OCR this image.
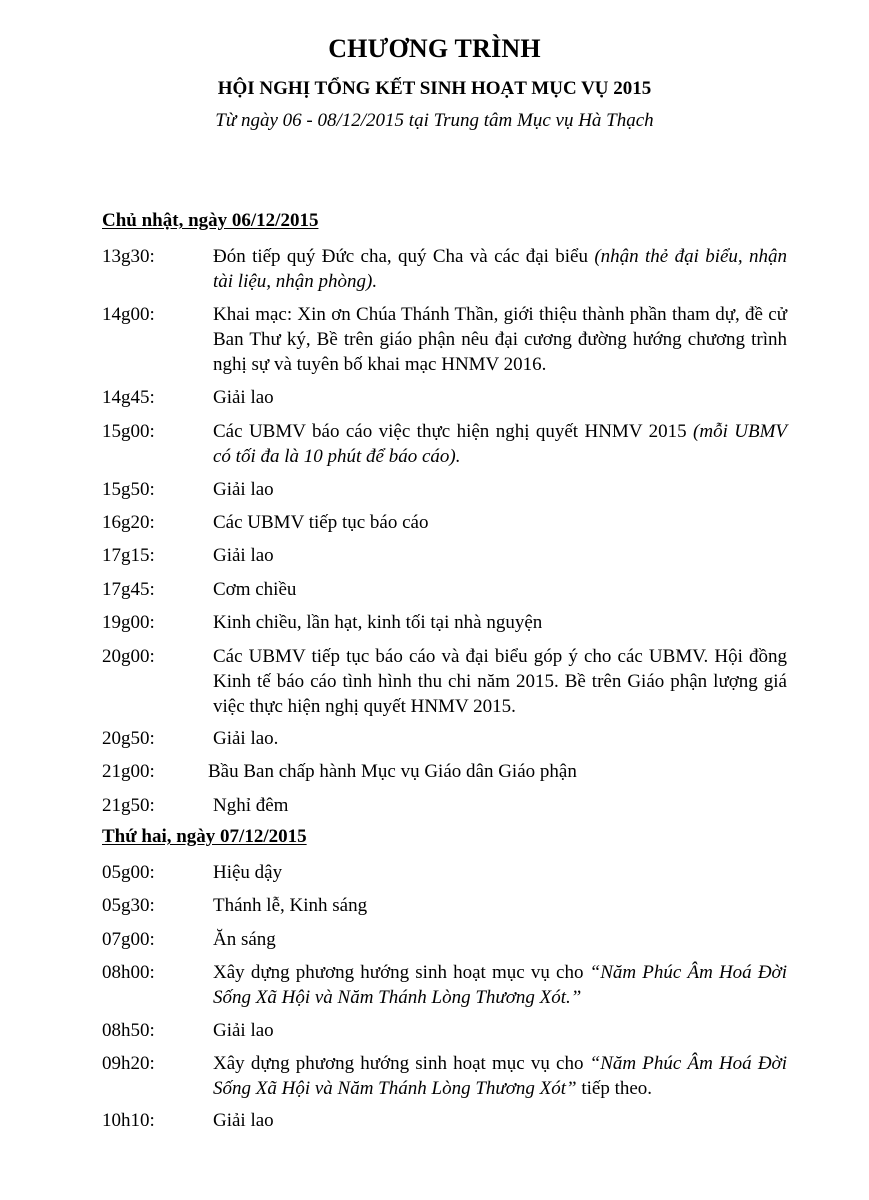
CHƯƠNG TRÌNH
HỘI NGHỊ TỔNG KẾT SINH HOẠT MỤC VỤ 2015
Từ ngày 06 - 08/12/2015 tại Trung tâm Mục vụ Hà Thạch
Chủ nhật, ngày 06/12/2015
13g30:	Đón tiếp quý Đức cha, quý Cha và các đại biểu (nhận thẻ đại biểu, nhận tài liệu, nhận phòng).
14g00:	Khai mạc: Xin ơn Chúa Thánh Thần, giới thiệu thành phần tham dự, đề cử Ban Thư ký, Bề trên giáo phận nêu đại cương đường hướng chương trình nghị sự và tuyên bố khai mạc HNMV 2016.
14g45:	Giải lao
15g00:	Các UBMV báo cáo việc thực hiện nghị quyết HNMV 2015 (mỗi UBMV có tối đa là 10 phút để báo cáo).
15g50:	Giải lao
16g20:	Các UBMV tiếp tục báo cáo
17g15:	Giải lao
17g45:	Cơm chiều
19g00:	Kinh chiều, lần hạt, kinh tối tại nhà nguyện
20g00:	Các UBMV tiếp tục báo cáo và đại biểu góp ý cho các UBMV. Hội đồng Kinh tế báo cáo tình hình thu chi năm 2015. Bề trên Giáo phận lượng giá việc thực hiện nghị quyết HNMV 2015.
20g50:	Giải lao.
21g00:	Bầu Ban chấp hành Mục vụ Giáo dân Giáo phận
21g50:	Nghỉ đêm
Thứ hai, ngày 07/12/2015
05g00:	Hiệu dậy
05g30:	Thánh lễ, Kinh sáng
07g00:	Ăn sáng
08h00:	Xây dựng phương hướng sinh hoạt mục vụ cho “Năm Phúc Âm Hoá Đời Sống Xã Hội và Năm Thánh Lòng Thương Xót.”
08h50:	Giải lao
09h20:	Xây dựng phương hướng sinh hoạt mục vụ cho “Năm Phúc Âm Hoá Đời Sống Xã Hội và Năm Thánh Lòng Thương Xót” tiếp theo.
10h10:	Giải lao
